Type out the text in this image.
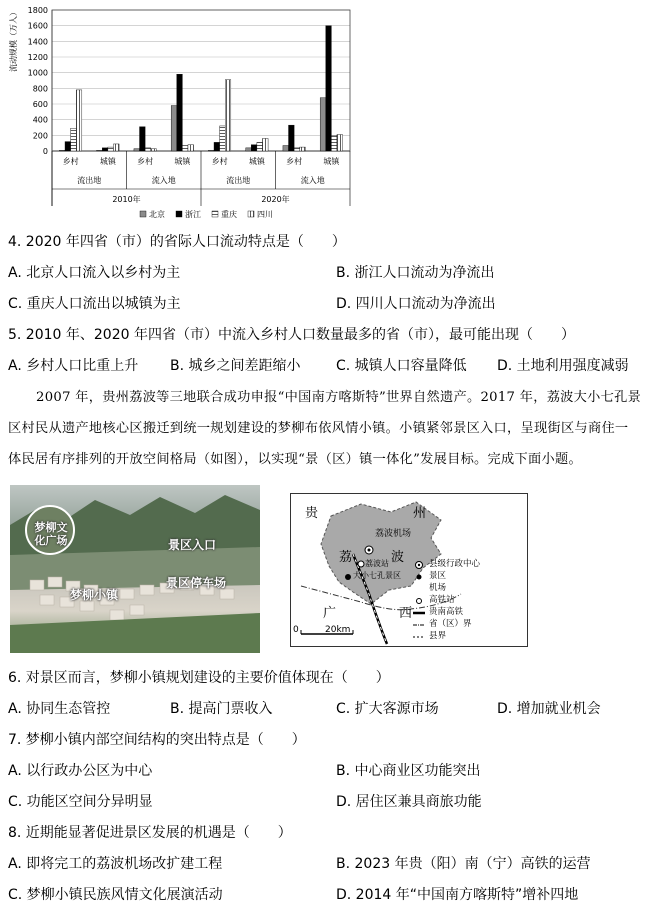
流动规模（万人）
0
200
400
600
800
1000
1200
1400
1600
1800
乡村	城镇	乡村	城镇	乡村	城镇	乡村	城镇
流出地	流入地	流出地	流入地
2010年	2020年
北京	浙江	重庆	四川
4. 2020 年四省（市）的省际人口流动特点是（　　）
A. 北京人口流入以乡村为主	B. 浙江人口流动为净流出
C. 重庆人口流出以城镇为主	D. 四川人口流动为净流出
5. 2010 年、2020 年四省（市）中流入乡村人口数量最多的省（市），最可能出现（　　）
A. 乡村人口比重上升 B. 城乡之间差距缩小	C. 城镇人口容量降低 D. 土地利用强度减弱
2007 年，贵州荔波等三地联合成功申报“中国南方喀斯特”世界自然遗产。2017 年，荔波大小七孔景
区村民从遗产地核心区搬迁到统一规划建设的梦柳布依风情小镇。小镇紧邻景区入口，呈现街区与商住一
体民居有序排列的开放空间格局（如图），以实现“景（区）镇一体化”发展目标。完成下面小题。
梦柳文化广场	景区入口
梦柳小镇
景区停车场
贵	州
荔	波
广	西
荔波机场
荔波站
大小七孔景区
0	20km
县级行政中心
景区
机场
高铁站
贵南高铁
省（区）界
县界
6. 对景区而言，梦柳小镇规划建设的主要价值体现在（　　）
A. 协同生态管控	B. 提高门票收入	C. 扩大客源市场	D. 增加就业机会
7. 梦柳小镇内部空间结构的突出特点是（　　）
A. 以行政办公区为中心	B. 中心商业区功能突出
C. 功能区空间分异明显	D. 居住区兼具商旅功能
8. 近期能显著促进景区发展的机遇是（　　）
A. 即将完工的荔波机场改扩建工程	B. 2023 年贵（阳）南（宁）高铁的运营
C. 梦柳小镇民族风情文化展演活动	D. 2014 年“中国南方喀斯特”增补四地
